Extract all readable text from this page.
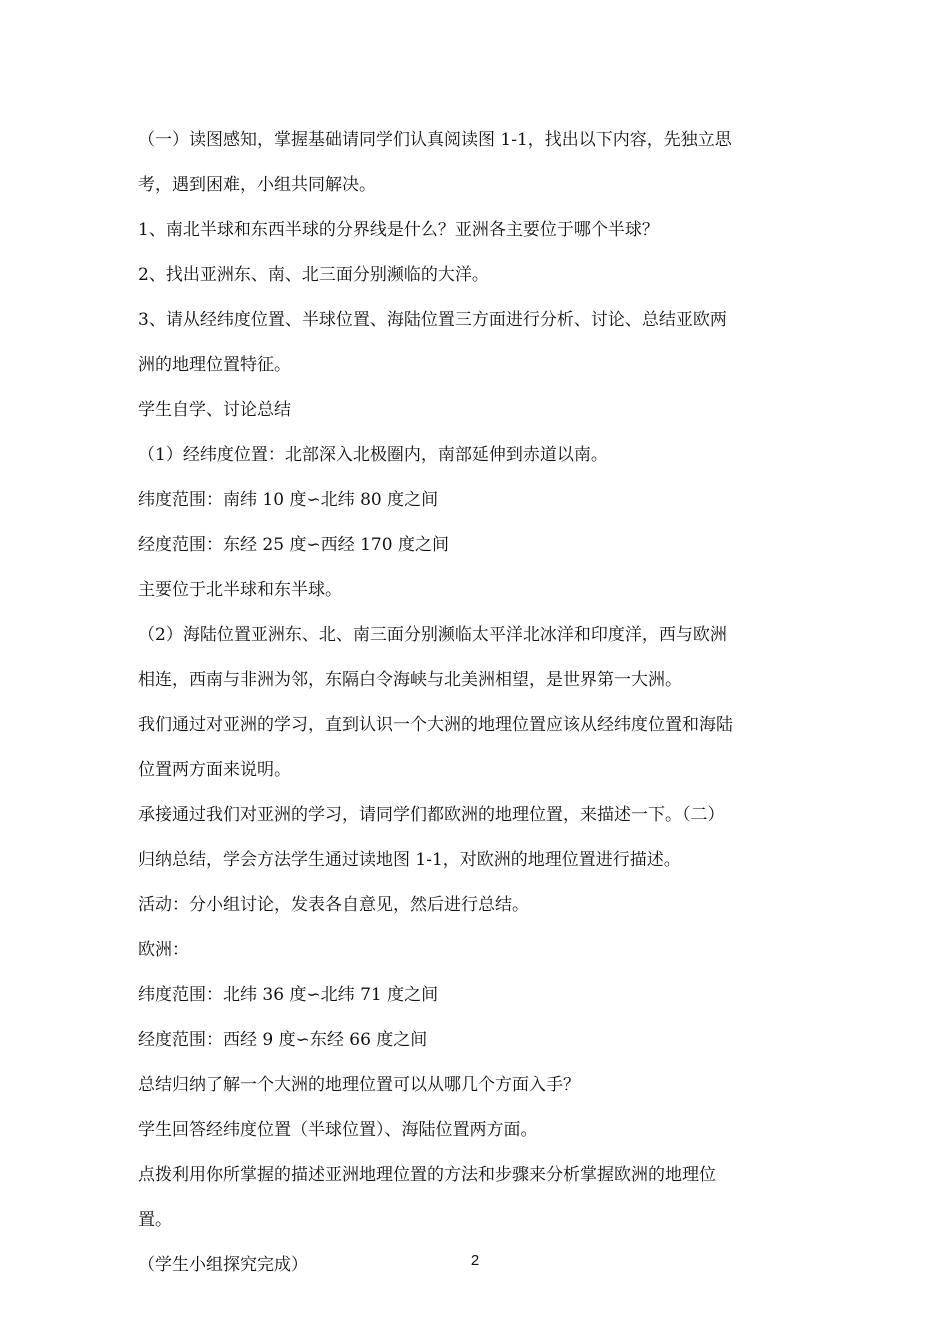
（一）读图感知，掌握基础请同学们认真阅读图 1-1，找出以下内容，先独立思

考，遇到困难，小组共同解决。

1、南北半球和东西半球的分界线是什么？亚洲各主要位于哪个半球？

2、找出亚洲东、南、北三面分别濒临的大洋。

3、请从经纬度位置、半球位置、海陆位置三方面进行分析、讨论、总结亚欧两

洲的地理位置特征。

学生自学、讨论总结

（1）经纬度位置：北部深入北极圈内，南部延伸到赤道以南。

纬度范围：南纬 10 度∽北纬 80 度之间

经度范围：东经 25 度∽西经 170 度之间

主要位于北半球和东半球。

（2）海陆位置亚洲东、北、南三面分别濒临太平洋北冰洋和印度洋，西与欧洲

相连，西南与非洲为邻，东隔白令海峡与北美洲相望，是世界第一大洲。

我们通过对亚洲的学习，直到认识一个大洲的地理位置应该从经纬度位置和海陆

位置两方面来说明。

承接通过我们对亚洲的学习，请同学们都欧洲的地理位置，来描述一下。（二）

归纳总结，学会方法学生通过读地图 1-1，对欧洲的地理位置进行描述。

活动：分小组讨论，发表各自意见，然后进行总结。

欧洲：

纬度范围：北纬 36 度∽北纬 71 度之间

经度范围：西经 9 度∽东经 66 度之间

总结归纳了解一个大洲的地理位置可以从哪几个方面入手？

学生回答经纬度位置（半球位置）、海陆位置两方面。

点拨利用你所掌握的描述亚洲地理位置的方法和步骤来分析掌握欧洲的地理位

置。

（学生小组探究完成）	2
